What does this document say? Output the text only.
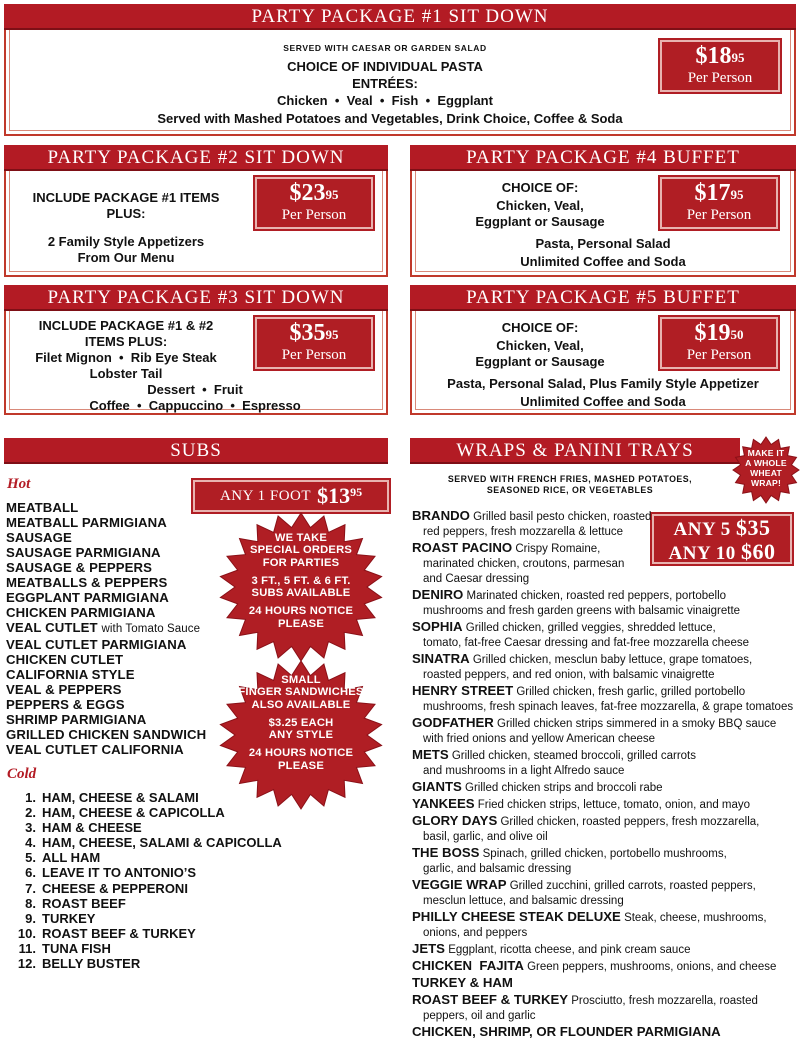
PARTY PACKAGE #1 SIT DOWN
SERVED WITH CAESAR OR GARDEN SALAD
CHOICE OF INDIVIDUAL PASTA
ENTRÉES:
Chicken  •  Veal  •  Fish  •  Eggplant
Served with Mashed Potatoes and Vegetables, Drink Choice, Coffee & Soda
$\$18^{95}$
Per Person
PARTY PACKAGE #2 SIT DOWN
INCLUDE PACKAGE #1 ITEMS
PLUS:
2 Family Style Appetizers
From Our Menu
$\$23^{95}$
Per Person
PARTY PACKAGE #4 BUFFET
CHOICE OF:
Chicken, Veal,
Eggplant or Sausage
Pasta, Personal Salad
Unlimited Coffee and Soda
$\$17^{95}$
Per Person
PARTY PACKAGE #3 SIT DOWN
INCLUDE PACKAGE #1 & #2
ITEMS PLUS:
Filet Mignon  •  Rib Eye Steak
Lobster Tail
Dessert  •  Fruit
Coffee  •  Cappuccino  •  Espresso
$\$35^{95}$
Per Person
PARTY PACKAGE #5 BUFFET
CHOICE OF:
Chicken, Veal,
Eggplant or Sausage
Pasta, Personal Salad, Plus Family Style Appetizer
Unlimited Coffee and Soda
$\$19^{50}$
Per Person
SUBS
Hot
ANY 1 FOOT $\$13^{95}$
MEATBALL
MEATBALL PARMIGIANA
SAUSAGE
SAUSAGE PARMIGIANA
SAUSAGE & PEPPERS
MEATBALLS & PEPPERS
EGGPLANT PARMIGIANA
CHICKEN PARMIGIANA
VEAL CUTLET with Tomato Sauce
VEAL CUTLET PARMIGIANA
CHICKEN CUTLET
CALIFORNIA STYLE
VEAL & PEPPERS
PEPPERS & EGGS
SHRIMP PARMIGIANA
GRILLED CHICKEN SANDWICH
VEAL CUTLET CALIFORNIA
WE TAKE
SPECIAL ORDERS
FOR PARTIES
3 FT., 5 FT. & 6 FT.
SUBS AVAILABLE
24 HOURS NOTICE
PLEASE
SMALL
FINGER SANDWICHES
ALSO AVAILABLE
$3.25 EACH
ANY STYLE
24 HOURS NOTICE
PLEASE
Cold
1. HAM, CHEESE & SALAMI
2. HAM, CHEESE & CAPICOLLA
3. HAM & CHEESE
4. HAM, CHEESE, SALAMI & CAPICOLLA
5. ALL HAM
6. LEAVE IT TO ANTONIO’S
7. CHEESE & PEPPERONI
8. ROAST BEEF
9. TURKEY
10. ROAST BEEF & TURKEY
11. TUNA FISH
12. BELLY BUSTER
WRAPS & PANINI TRAYS	MAKE IT
A WHOLE
WHEAT
WRAP!
SERVED WITH FRENCH FRIES, MASHED POTATOES,
SEASONED RICE, OR VEGETABLES
ANY 5 $35
ANY 10 $60
BRANDO Grilled basil pesto chicken, roasted
red peppers, fresh mozzarella & lettuce
ROAST PACINO Crispy Romaine,
marinated chicken, croutons, parmesan
and Caesar dressing
DENIRO Marinated chicken, roasted red peppers, portobello
mushrooms and fresh garden greens with balsamic vinaigrette
SOPHIA Grilled chicken, grilled veggies, shredded lettuce,
tomato, fat-free Caesar dressing and fat-free mozzarella cheese
SINATRA Grilled chicken, mesclun baby lettuce, grape tomatoes,
roasted peppers, and red onion, with balsamic vinaigrette
HENRY STREET Grilled chicken, fresh garlic, grilled portobello
mushrooms, fresh spinach leaves, fat-free mozzarella, & grape tomatoes
GODFATHER Grilled chicken strips simmered in a smoky BBQ sauce
with fried onions and yellow American cheese
METS Grilled chicken, steamed broccoli, grilled carrots
and mushrooms in a light Alfredo sauce
GIANTS Grilled chicken strips and broccoli rabe
YANKEES Fried chicken strips, lettuce, tomato, onion, and mayo
GLORY DAYS Grilled chicken, roasted peppers, fresh mozzarella,
basil, garlic, and olive oil
THE BOSS Spinach, grilled chicken, portobello mushrooms,
garlic, and balsamic dressing
VEGGIE WRAP Grilled zucchini, grilled carrots, roasted peppers,
mesclun lettuce, and balsamic dressing
PHILLY CHEESE STEAK DELUXE Steak, cheese, mushrooms,
onions, and peppers
JETS Eggplant, ricotta cheese, and pink cream sauce
CHICKEN  FAJITA Green peppers, mushrooms, onions, and cheese
TURKEY & HAM
ROAST BEEF & TURKEY Prosciutto, fresh mozzarella, roasted
peppers, oil and garlic
CHICKEN, SHRIMP, OR FLOUNDER PARMIGIANA
